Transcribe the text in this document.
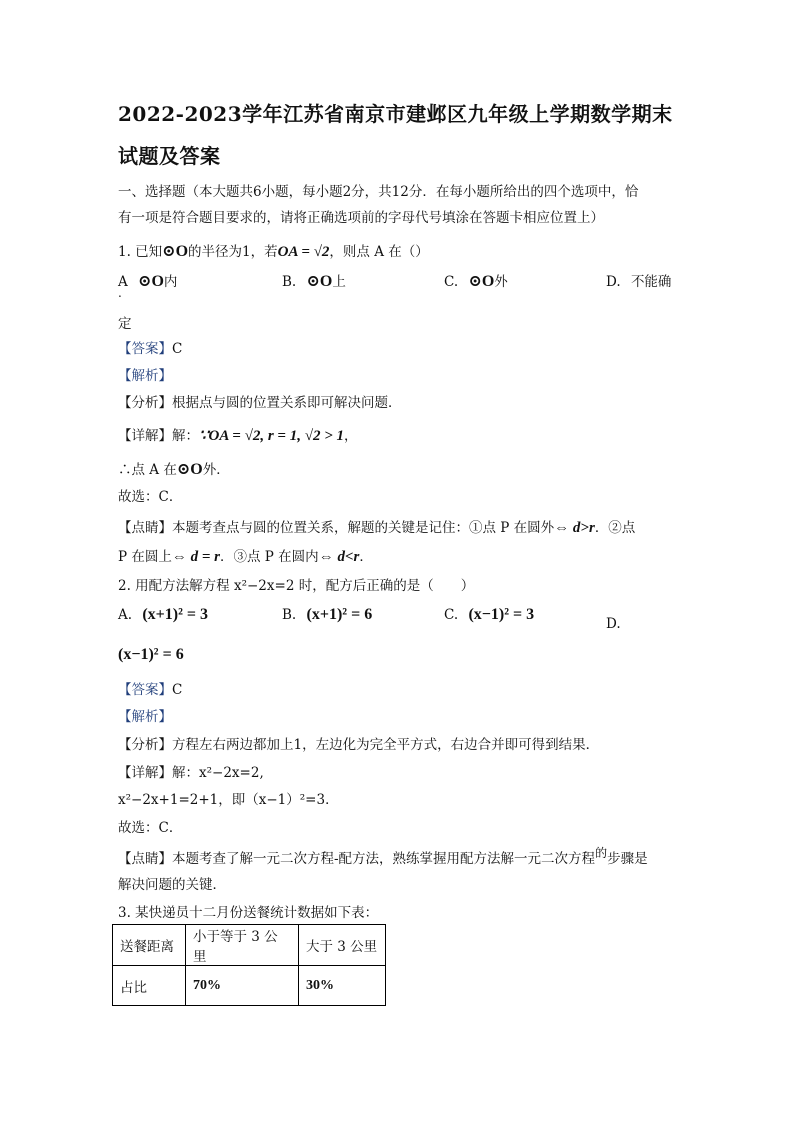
2022-2023学年江苏省南京市建邺区九年级上学期数学期末
试题及答案
一、选择题（本大题共6小题，每小题2分，共12分．在每小题所给出的四个选项中，恰
有一项是符合题目要求的，请将正确选项前的字母代号填涂在答题卡相应位置上）
1. 已知⊙O的半径为1，若OA = √2，则点 A 在（）
A ⊙O内
.
B. ⊙O上	C. ⊙O外	D. 不能确
定
【答案】C
【解析】
【分析】根据点与圆的位置关系即可解决问题．
【详解】解：∵OA = √2, r = 1, √2 > 1，
∴点 A 在⊙O外．
故选：C．
【点睛】本题考查点与圆的位置关系，解题的关键是记住：①点 P 在圆外⇔ d>r．②点
P 在圆上⇔ d = r．③点 P 在圆内⇔ d<r．
2. 用配方法解方程 x²−2x=2 时，配方后正确的是（　　）
A. (x+1)² = 3	B. (x+1)² = 6	C. (x−1)² = 3
D.
(x−1)² = 6
【答案】C
【解析】
【分析】方程左右两边都加上1，左边化为完全平方式，右边合并即可得到结果．
【详解】解：x²−2x=2,
x²−2x+1=2+1，即（x−1）²=3．
故选：C．
【点睛】本题考查了解一元二次方程-配方法，熟练掌握用配方法解一元二次方程的步骤是
解决问题的关键．
3. 某快递员十二月份送餐统计数据如下表：
送餐距离	小于等于 3 公里	大于 3 公里
占比	70%	30%
